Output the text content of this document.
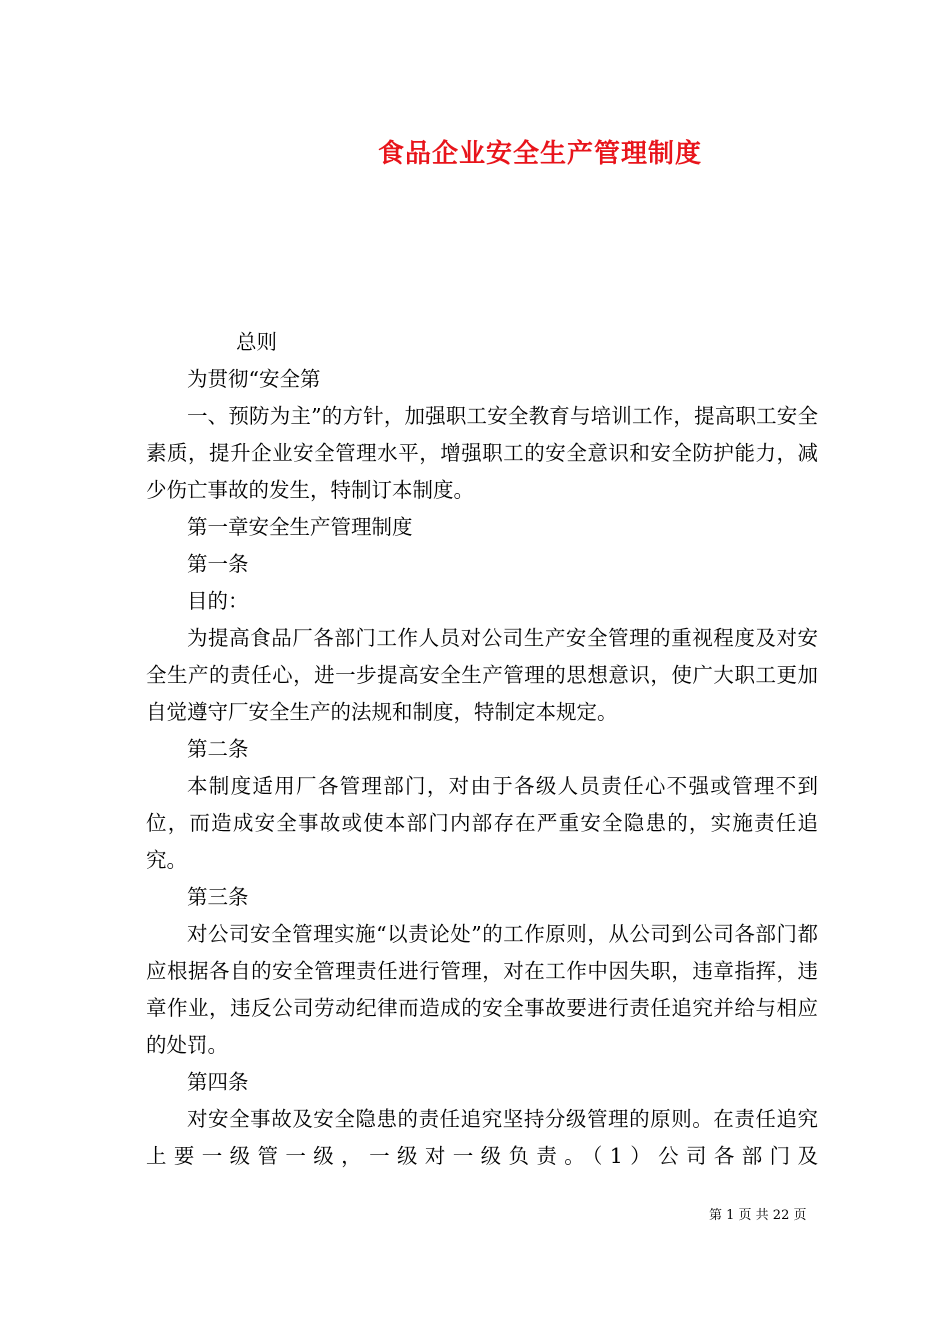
食品企业安全生产管理制度

总则

为贯彻“安全第

一、预防为主”的方针，加强职工安全教育与培训工作，提高职工安全素质，提升企业安全管理水平，增强职工的安全意识和安全防护能力，减少伤亡事故的发生，特制订本制度。

第一章安全生产管理制度

第一条

目的：

为提高食品厂各部门工作人员对公司生产安全管理的重视程度及对安全生产的责任心，进一步提高安全生产管理的思想意识，使广大职工更加自觉遵守厂安全生产的法规和制度，特制定本规定。

第二条

本制度适用厂各管理部门，对由于各级人员责任心不强或管理不到位，而造成安全事故或使本部门内部存在严重安全隐患的，实施责任追究。

第三条

对公司安全管理实施“以责论处”的工作原则，从公司到公司各部门都应根据各自的安全管理责任进行管理，对在工作中因失职，违章指挥，违章作业，违反公司劳动纪律而造成的安全事故要进行责任追究并给与相应的处罚。

第四条

对安全事故及安全隐患的责任追究坚持分级管理的原则。在责任追究上要一级管一级，一级对一级负责。（1）公司各部门及

第 1 页 共 22 页
